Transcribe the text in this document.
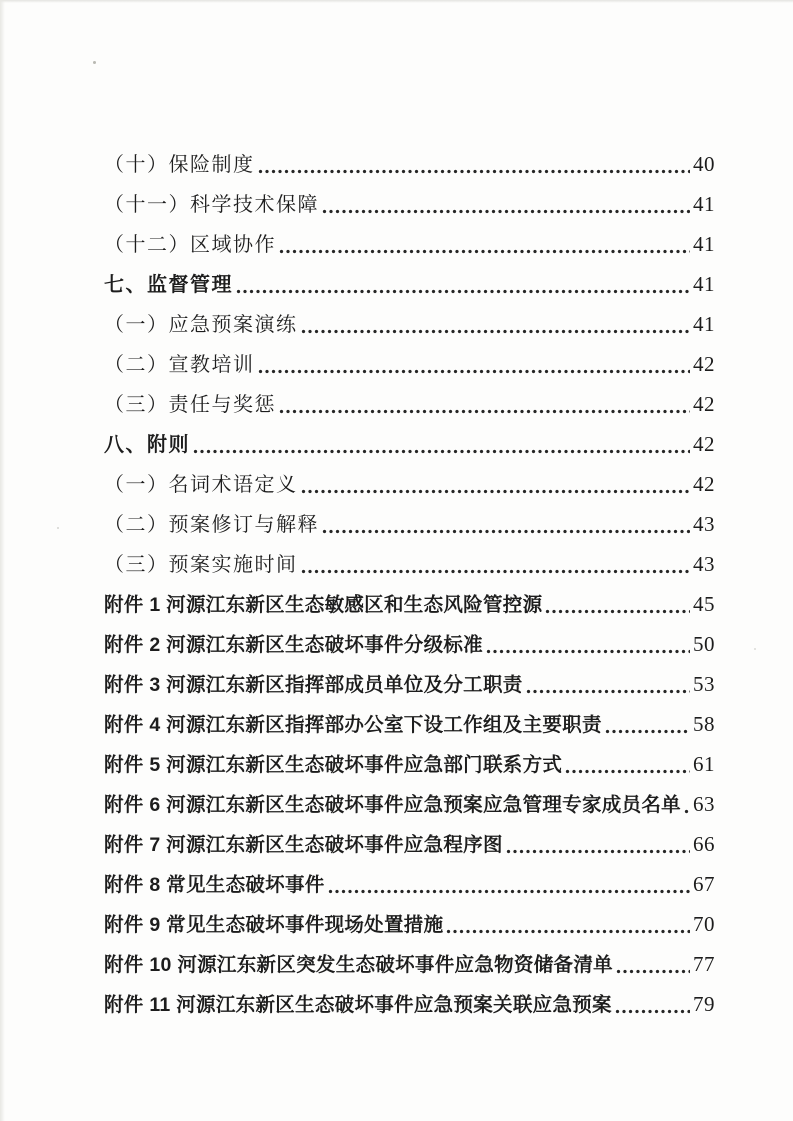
（十）保险制度	40
（十一）科学技术保障	41
（十二）区域协作	41
七、监督管理	41
（一）应急预案演练	41
（二）宣教培训	42
（三）责任与奖惩	42
八、附则	42
（一）名词术语定义	42
（二）预案修订与解释	43
（三）预案实施时间	43
附件 1 河源江东新区生态敏感区和生态风险管控源	45
附件 2 河源江东新区生态破坏事件分级标准	50
附件 3 河源江东新区指挥部成员单位及分工职责	53
附件 4 河源江东新区指挥部办公室下设工作组及主要职责	58
附件 5 河源江东新区生态破坏事件应急部门联系方式	61
附件 6 河源江东新区生态破坏事件应急预案应急管理专家成员名单 63
附件 7 河源江东新区生态破坏事件应急程序图	66
附件 8 常见生态破坏事件	67
附件 9 常见生态破坏事件现场处置措施	70
附件 10 河源江东新区突发生态破坏事件应急物资储备清单	77
附件 11 河源江东新区生态破坏事件应急预案关联应急预案	79
